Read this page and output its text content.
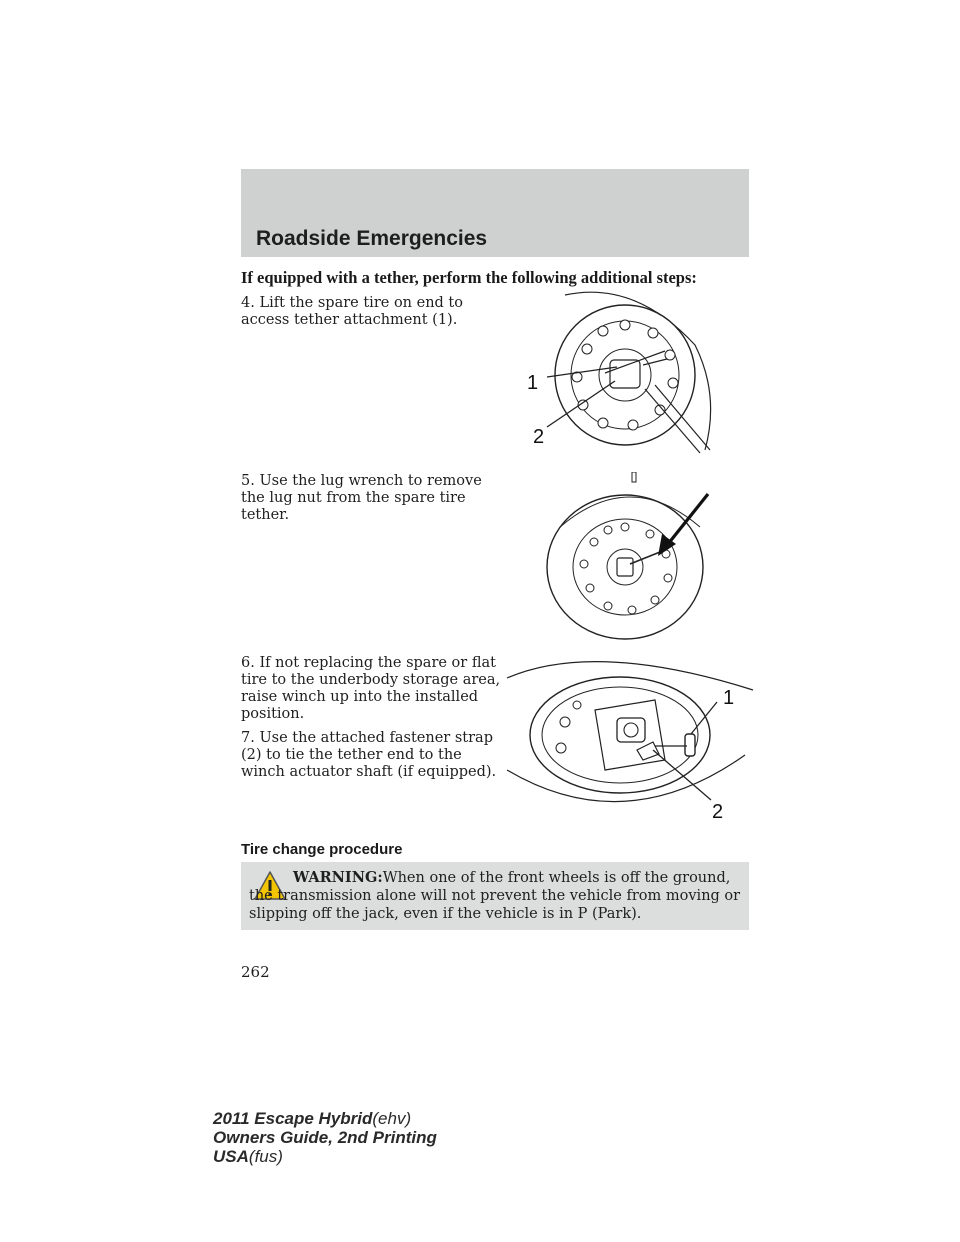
Roadside Emergencies
If equipped with a tether, perform the following additional steps:
4. Lift the spare tire on end to access tether attachment (1).
5. Use the lug wrench to remove the lug nut from the spare tire tether.
6. If not replacing the spare or flat tire to the underbody storage area, raise winch up into the installed position.
7. Use the attached fastener strap (2) to tie the tether end to the winch actuator shaft (if equipped).
1
2
1
2
Tire change procedure
WARNING:When one of the front wheels is off the ground, the transmission alone will not prevent the vehicle from moving or slipping off the jack, even if the vehicle is in P (Park).
262
2011 Escape Hybrid(ehv)
Owners Guide, 2nd Printing
USA(fus)
